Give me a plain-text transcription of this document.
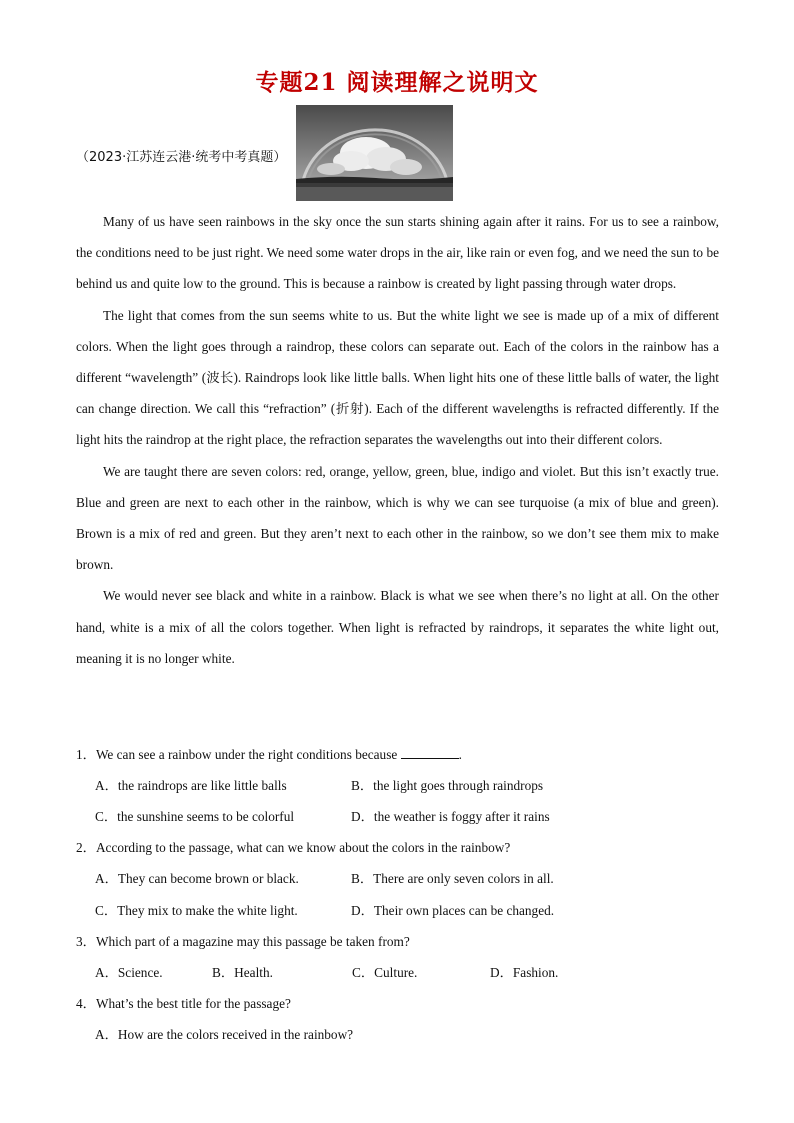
专题21 阅读理解之说明文
（2023·江苏连云港·统考中考真题）

Many of us have seen rainbows in the sky once the sun starts shining again after it rains. For us to see a rainbow, the conditions need to be just right. We need some water drops in the air, like rain or even fog, and we need the sun to be behind us and quite low to the ground. This is because a rainbow is created by light passing through water drops.

The light that comes from the sun seems white to us. But the white light we see is made up of a mix of different colors. When the light goes through a raindrop, these colors can separate out. Each of the colors in the rainbow has a different “wavelength” (波长). Raindrops look like little balls. When light hits one of these little balls of water, the light can change direction. We call this “refraction” (折射). Each of the different wavelengths is refracted differently. If the light hits the raindrop at the right place, the refraction separates the wavelengths out into their different colors.

We are taught there are seven colors: red, orange, yellow, green, blue, indigo and violet. But this isn’t exactly true. Blue and green are next to each other in the rainbow, which is why we can see turquoise (a mix of blue and green). Brown is a mix of red and green. But they aren’t next to each other in the rainbow, so we don’t see them mix to make brown.

We would never see black and white in a rainbow. Black is what we see when there’s no light at all. On the other hand, white is a mix of all the colors together. When light is refracted by raindrops, it separates the white light out, meaning it is no longer white.

1．We can see a rainbow under the right conditions because	.
A．the raindrops are like little balls	B．the light goes through raindrops
C．the sunshine seems to be colorful	D．the weather is foggy after it rains
2．According to the passage, what can we know about the colors in the rainbow?
A．They can become brown or black.	B．There are only seven colors in all.
C．They mix to make the white light.	D．Their own places can be changed.
3．Which part of a magazine may this passage be taken from?
A．Science.	B．Health.	C．Culture.	D．Fashion.
4．What’s the best title for the passage?
A．How are the colors received in the rainbow?
